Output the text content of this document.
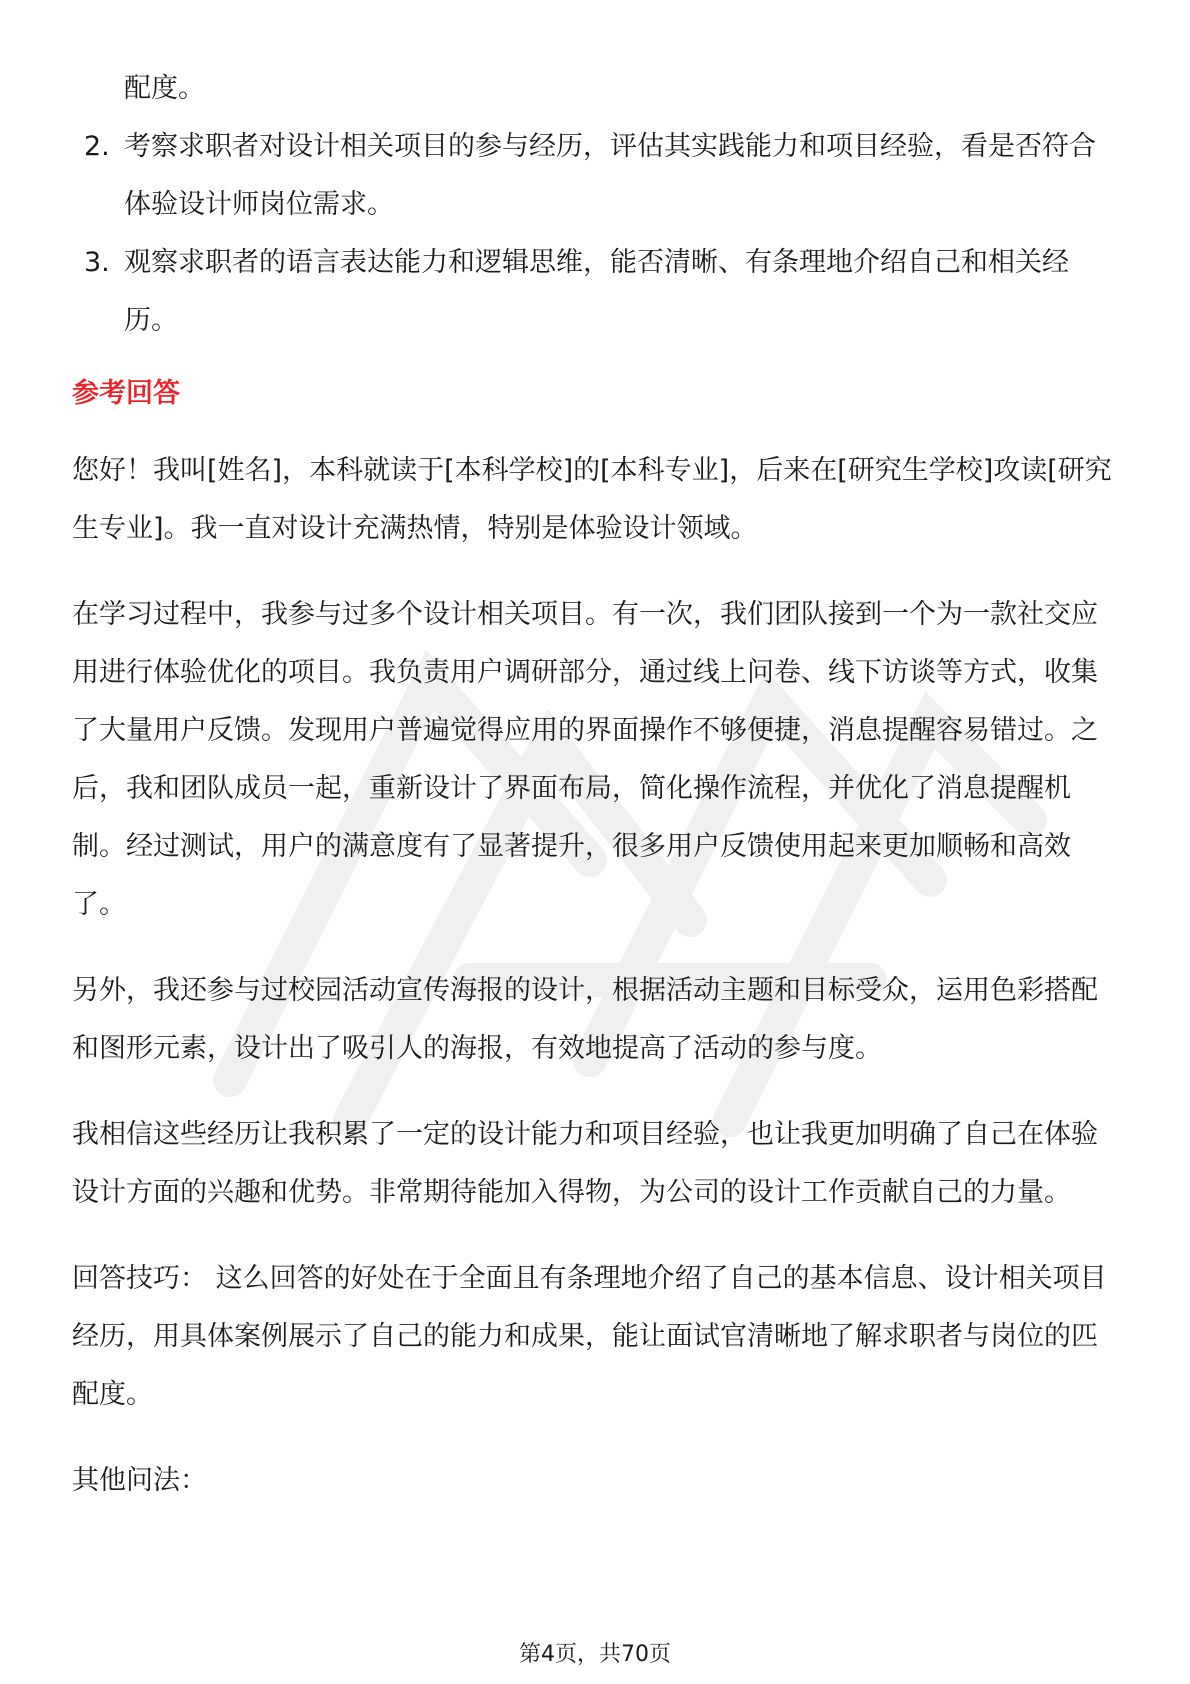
配度。

2. 考察求职者对设计相关项目的参与经历，评估其实践能力和项目经验，看是否符合体验设计师岗位需求。
3. 观察求职者的语言表达能力和逻辑思维，能否清晰、有条理地介绍自己和相关经历。
参考回答

您好！我叫[姓名]，本科就读于[本科学校]的[本科专业]，后来在[研究生学校]攻读[研究生专业]。我一直对设计充满热情，特别是体验设计领域。

在学习过程中，我参与过多个设计相关项目。有一次，我们团队接到一个为一款社交应用进行体验优化的项目。我负责用户调研部分，通过线上问卷、线下访谈等方式，收集了大量用户反馈。发现用户普遍觉得应用的界面操作不够便捷，消息提醒容易错过。之后，我和团队成员一起，重新设计了界面布局，简化操作流程，并优化了消息提醒机制。经过测试，用户的满意度有了显著提升，很多用户反馈使用起来更加顺畅和高效了。

另外，我还参与过校园活动宣传海报的设计，根据活动主题和目标受众，运用色彩搭配和图形元素，设计出了吸引人的海报，有效地提高了活动的参与度。

我相信这些经历让我积累了一定的设计能力和项目经验，也让我更加明确了自己在体验设计方面的兴趣和优势。非常期待能加入得物，为公司的设计工作贡献自己的力量。

回答技巧： 这么回答的好处在于全面且有条理地介绍了自己的基本信息、设计相关项目经历，用具体案例展示了自己的能力和成果，能让面试官清晰地了解求职者与岗位的匹配度。

其他问法：

第4页，共70页
